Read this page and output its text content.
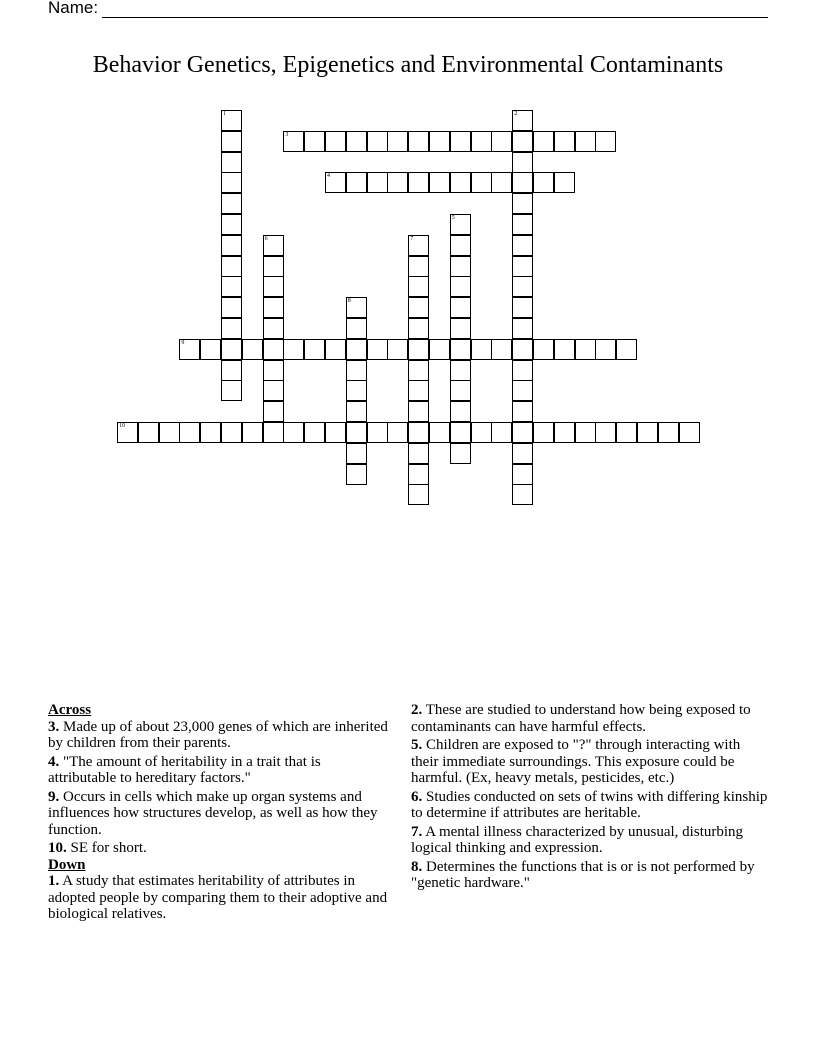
Name:
Behavior Genetics, Epigenetics and Environmental Contaminants
1	2
3
4
5
6	7
8
9
10
Across
3. Made up of about 23,000 genes of which are inherited by children from their parents.
4. "The amount of heritability in a trait that is attributable to hereditary factors."
9. Occurs in cells which make up organ systems and influences how structures develop, as well as how they function.
10. SE for short.
Down
1. A study that estimates heritability of attributes in adopted people by comparing them to their adoptive and biological relatives.
2. These are studied to understand how being exposed to contaminants can have harmful effects.
5. Children are exposed to "?" through interacting with their immediate surroundings. This exposure could be harmful. (Ex, heavy metals, pesticides, etc.)
6. Studies conducted on sets of twins with differing kinship to determine if attributes are heritable.
7. A mental illness characterized by unusual, disturbing logical thinking and expression.
8. Determines the functions that is or is not performed by "genetic hardware."
